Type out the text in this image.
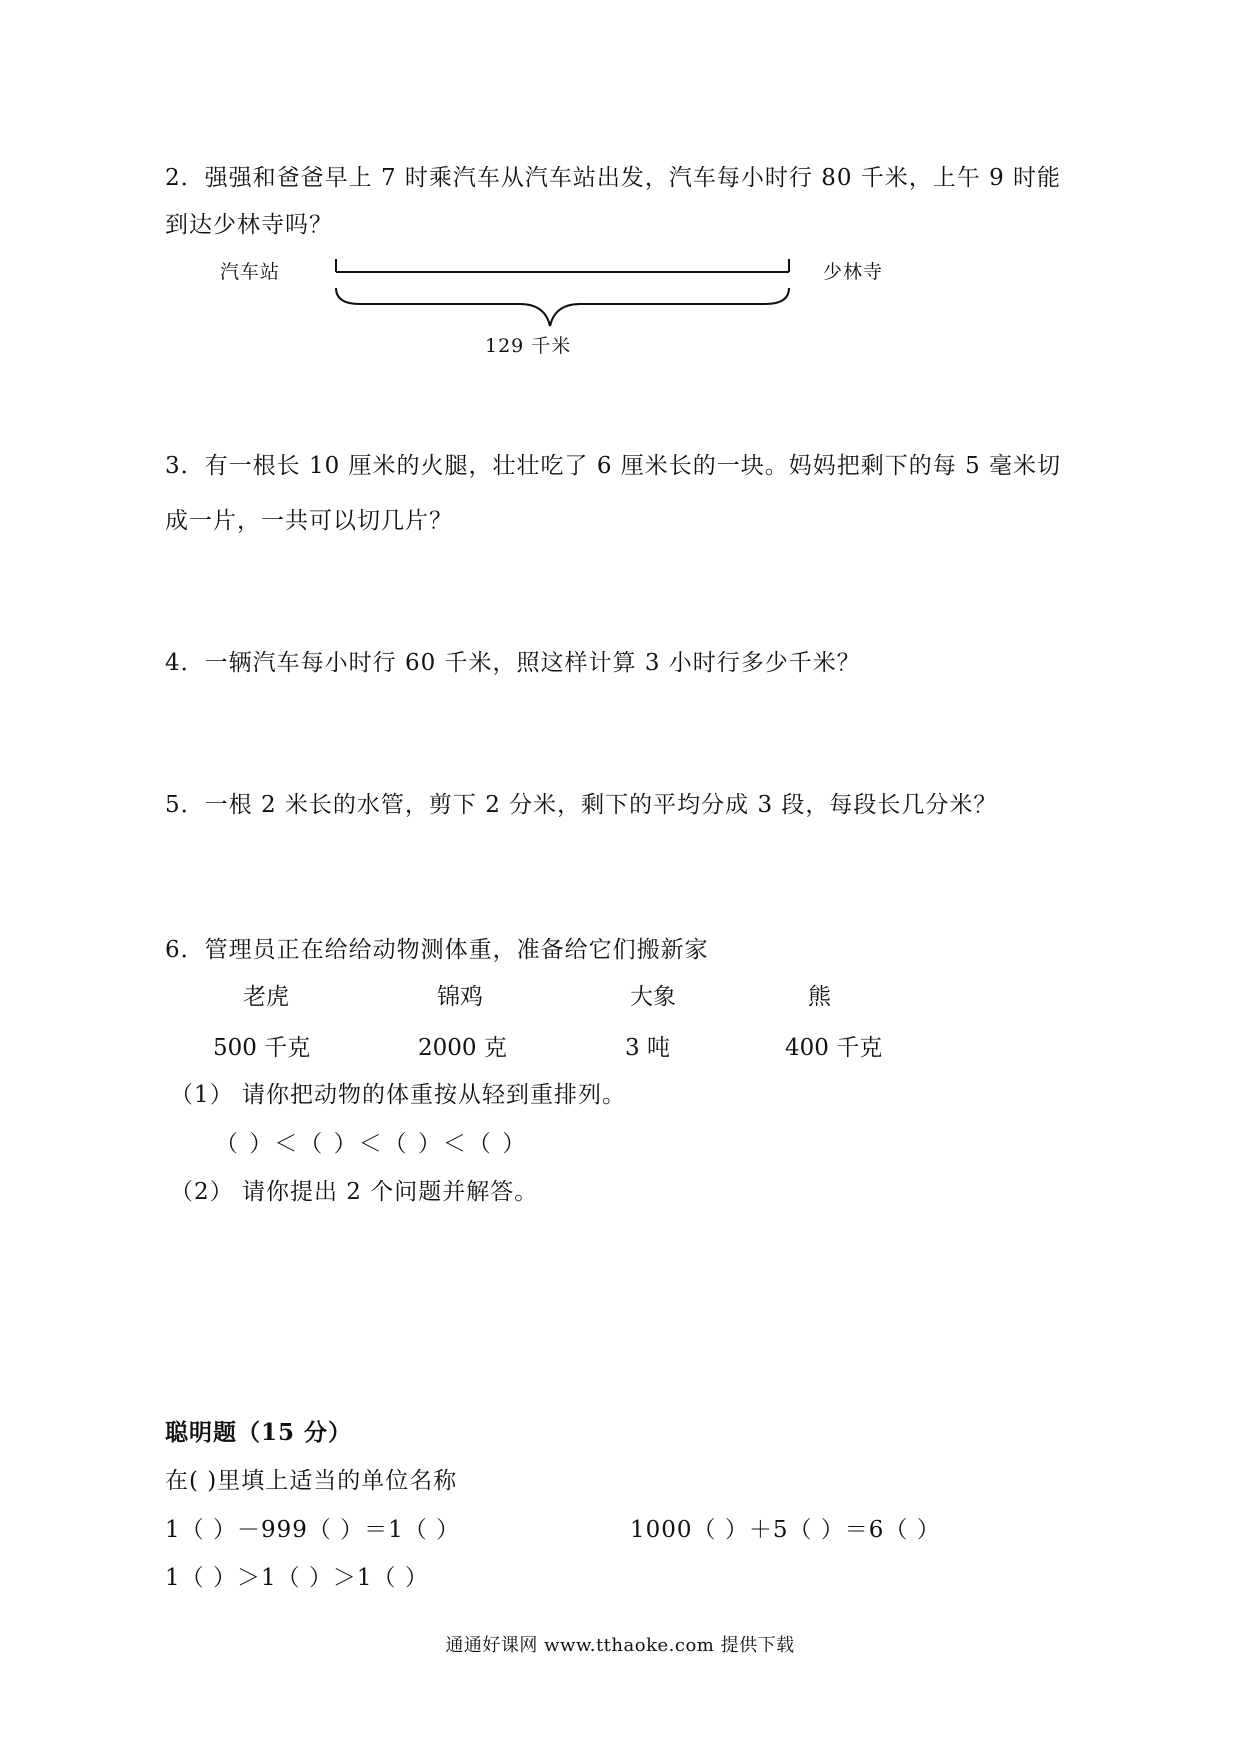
2．强强和爸爸早上 7 时乘汽车从汽车站出发，汽车每小时行 80 千米，上午 9 时能
到达少林寺吗？
汽车站	少林寺
129 千米
3．有一根长 10 厘米的火腿，壮壮吃了 6 厘米长的一块。妈妈把剩下的每 5 毫米切
成一片，一共可以切几片？
4．一辆汽车每小时行 60 千米，照这样计算 3 小时行多少千米？
5．一根 2 米长的水管，剪下 2 分米，剩下的平均分成 3 段，每段长几分米？
6．管理员正在给给动物测体重，准备给它们搬新家
老虎	锦鸡	大象	熊
500 千克	2000 克	3 吨	400 千克
（1） 请你把动物的体重按从轻到重排列。
（ ）＜（ ）＜（ ）＜（ ）
（2） 请你提出 2 个问题并解答。
聪明题（15 分）
在( )里填上适当的单位名称
1（ ）－999（ ）＝1（ ）	1000（ ）＋5（ ）＝6（ ）
1（ ）＞1（ ）＞1（ ）
通通好课网 www.tthaoke.com 提供下载
